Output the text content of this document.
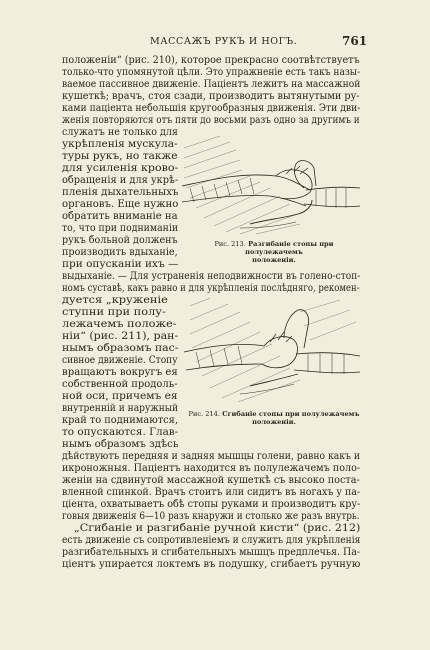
МАССАЖЪ РУКЪ И НОГЪ.	761

положеніи“ (рис. 210), которое прекрасно соотвѣтствуетъ

только-что упомянутой цѣли. Это упражненіе есть такъ назы-

ваемое пассивное движеніе. Пацiентъ лежитъ на массажной

кушеткѣ; врачъ, стоя сзади, производитъ вытянутыми ру-

ками паціента небольшія кругообразныя движенія. Эти дви-

женія повторяются отъ пяти до восьми разъ одно за другимъ и

служатъ не только для

укрѣпленія мускула-

туры рукъ, но также

для усиленія крово-

обращенія и для укрѣ-

пленія дыхательныхъ

органовъ. Еще нужно

обратить вниманіе на

то, что при подниманіи

рукъ больной долженъ

производить вдыханіе,

при опусканіи ихъ —

выдыханіе. — Для устраненія неподвижности въ голено-стоп-

номъ суставѣ, какъ равно и для укрѣпленія послѣдняго, рекомен-

дуется „круженіе

ступни при полу-

лежачемъ положе-

ніи“ (рис. 211), ран-

нымъ образомъ пас-

сивное движеніе. Стопу

вращаютъ вокругъ ея

собственной продоль-

ной оси, причемъ ея

внутренній и наружный

край то поднимаются,

то опускаются. Глав-

нымъ образомъ здѣсь

дѣйствуютъ передняя и задняя мышцы голени, равно какъ и

икроножныя. Паціентъ находится въ полулежачемъ поло-

женіи на сдвинутой массажной кушеткѣ съ высоко поста-

вленной спинкой. Врачъ стоитъ или сидитъ въ ногахъ у па-

ціента, охватываетъ обѣ стопы руками и производитъ кру-

говыя движенія 6—10 разъ кнаружи и столько же разъ внутрь.

„Сгибаніе и разгибаніе ручной кисти“ (рис. 212)

есть движеніе съ сопротивленіемъ и служитъ для укрѣпленія

разгибательныхъ и сгибательныхъ мышцъ предплечья. Па-

ціентъ упирается локтемъ въ подушку, сгибаетъ ручную

Рис. 213. Разгибаніе стопы при полулежачемъ
положеніи.

Рис. 214. Сгибаніе стопы при полулежачемъ
положеніи.
